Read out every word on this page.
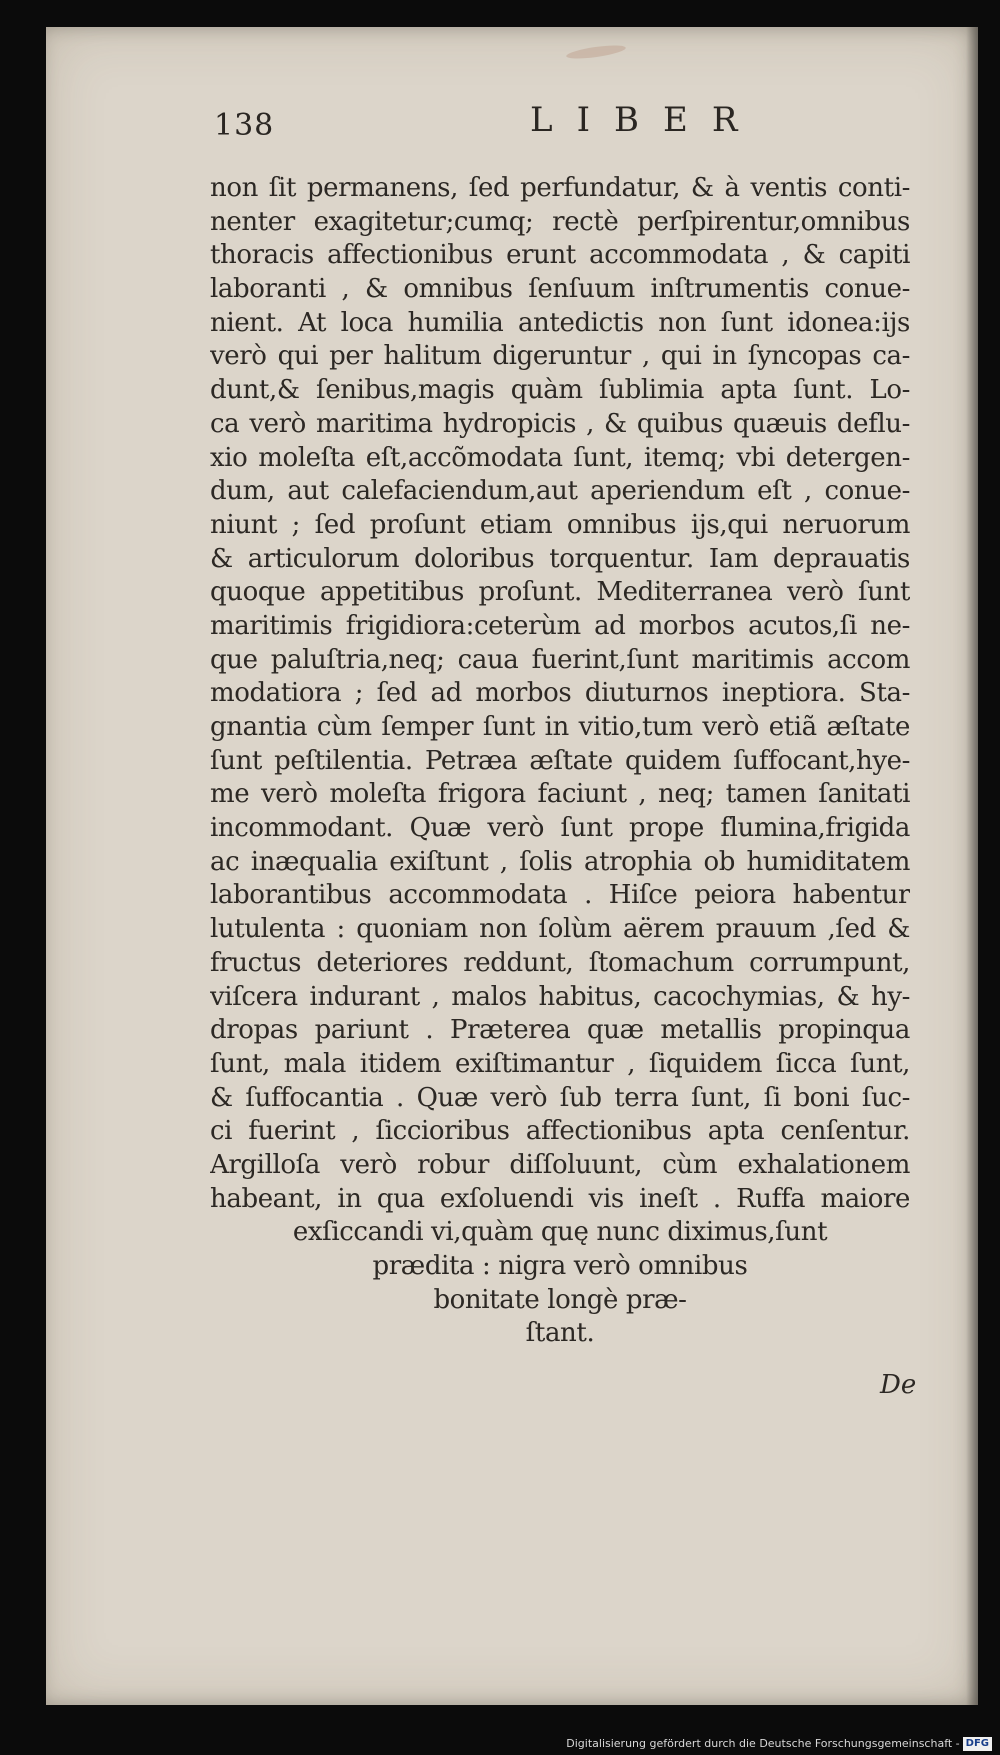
138	LIBER
non ſit permanens, ſed perfundatur, & à ventis conti-
nenter exagitetur;cumq; rectè perſpirentur,omnibus
thoracis affectionibus erunt accommodata , & capiti
laboranti , & omnibus ſenſuum inſtrumentis conue-
nient. At loca humilia antedictis non ſunt idonea:ijs
verò qui per halitum digeruntur , qui in ſyncopas ca-
dunt,& ſenibus,magis quàm ſublimia apta ſunt. Lo-
ca verò maritima hydropicis , & quibus quæuis deflu-
xio moleſta eſt,accõmodata ſunt, itemq; vbi detergen-
dum, aut calefaciendum,aut aperiendum eſt , conue-
niunt ; ſed proſunt etiam omnibus ijs,qui neruorum
& articulorum doloribus torquentur. Iam deprauatis
quoque appetitibus proſunt. Mediterranea verò ſunt
maritimis frigidiora:ceterùm ad morbos acutos,ſi ne-
que paluſtria,neq; caua fuerint,ſunt maritimis accom
modatiora ; ſed ad morbos diuturnos ineptiora. Sta-
gnantia cùm ſemper ſunt in vitio,tum verò etiã æſtate
ſunt peſtilentia. Petræa æſtate quidem ſuffocant,hye-
me verò moleſta frigora faciunt , neq; tamen ſanitati
incommodant. Quæ verò ſunt prope flumina,frigida
ac inæqualia exiſtunt , ſolis atrophia ob humiditatem
laborantibus accommodata . Hiſce peiora habentur
lutulenta : quoniam non ſolùm aërem prauum ,ſed &
fructus deteriores reddunt, ſtomachum corrumpunt,
viſcera indurant , malos habitus, cacochymias, & hy-
dropas pariunt . Præterea quæ metallis propinqua
ſunt, mala itidem exiſtimantur , ſiquidem ſicca ſunt,
& ſuffocantia . Quæ verò ſub terra ſunt, ſi boni ſuc-
ci fuerint , ſiccioribus affectionibus apta cenſentur.
Argilloſa verò robur diſſoluunt, cùm exhalationem
habeant, in qua exſoluendi vis ineſt . Ruffa maiore
exſiccandi vi,quàm quę nunc diximus,ſunt
prædita : nigra verò omnibus
bonitate longè præ-
ſtant.
De
Digitalisierung gefördert durch die Deutsche Forschungsgemeinschaft - DFG
